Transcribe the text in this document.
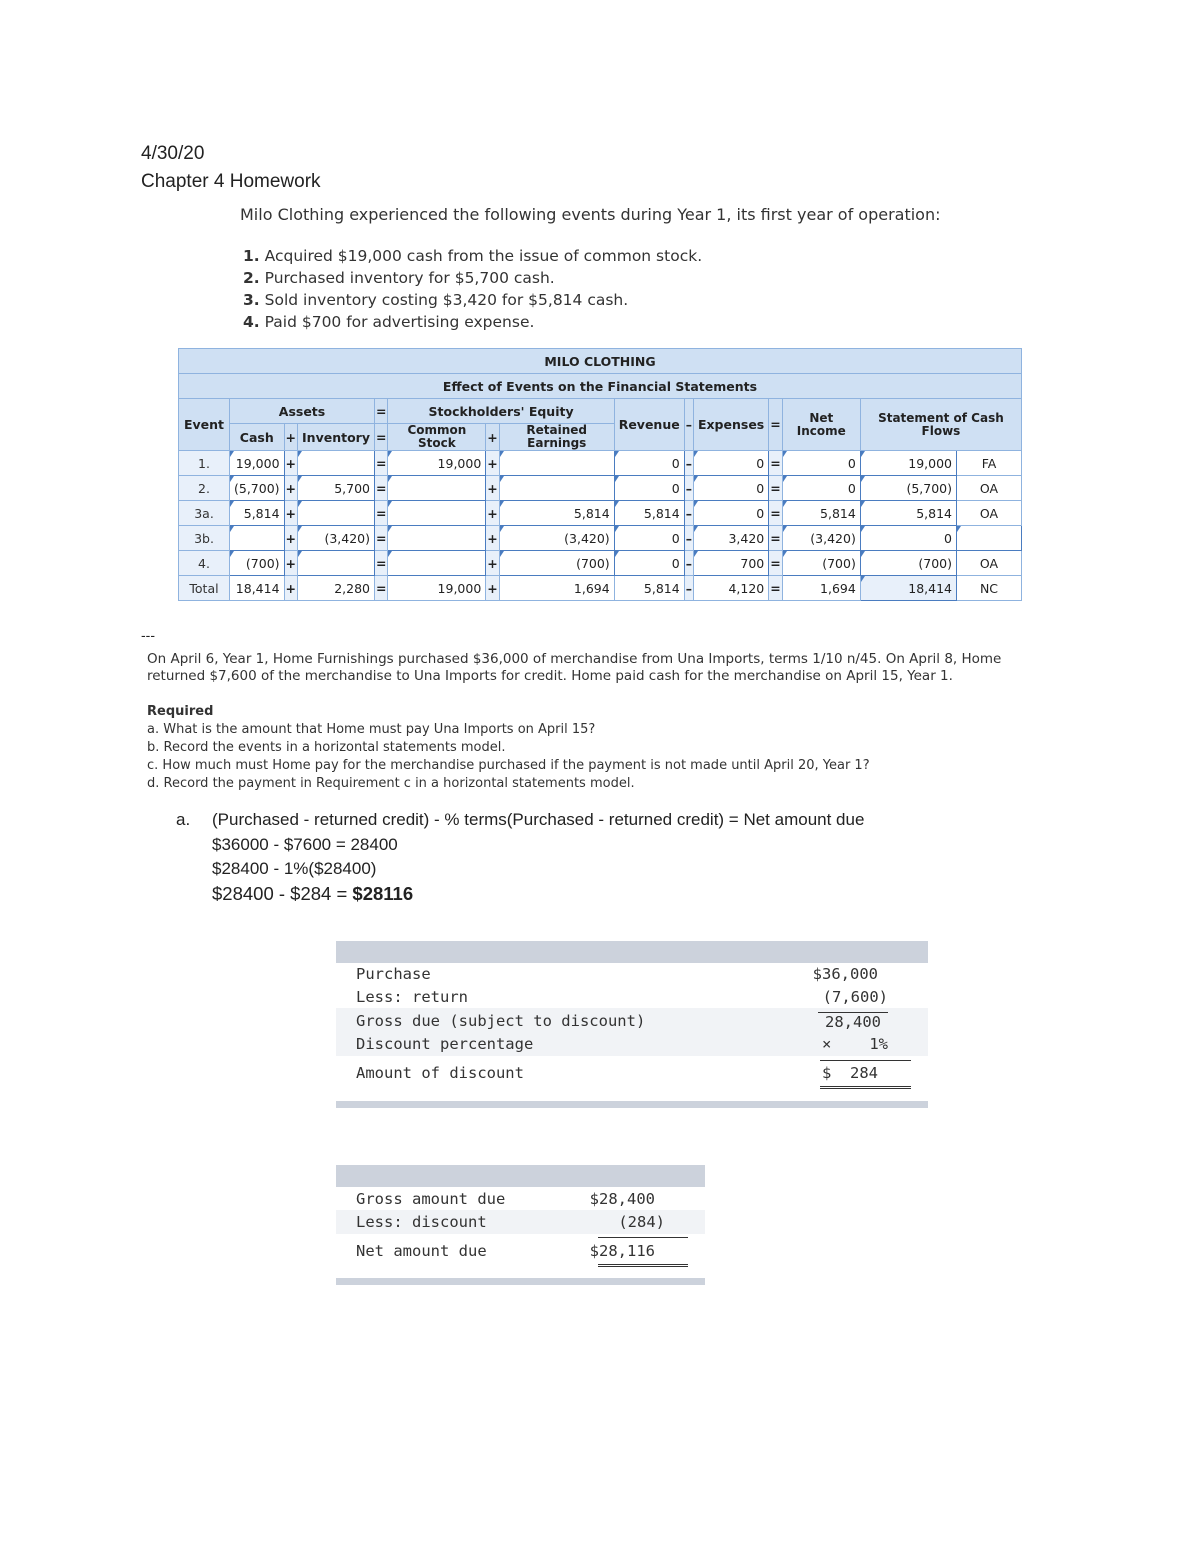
4/30/20
Chapter 4 Homework
Milo Clothing experienced the following events during Year 1, its first year of operation:
1. Acquired $19,000 cash from the issue of common stock.
2. Purchased inventory for $5,700 cash.
3. Sold inventory costing $3,420 for $5,814 cash.
4. Paid $700 for advertising expense.
MILO CLOTHING														
Effect of Events on the Financial Statements														
Event	Assets			=	Stockholders' Equity			Revenue	–	Expenses	=	Net Income	Statement of Cash Flows	
	Cash	+	Inventory	=	Common Stock	+	Retained Earnings							
1.	19,000	+		=	19,000	+		0	–	0	=	0	19,000	FA
2.	(5,700)	+	5,700	=		+		0	–	0	=	0	(5,700)	OA
3a.	5,814	+		=		+	5,814	5,814	–	0	=	5,814	5,814	OA
3b.		+	(3,420)	=		+	(3,420)	0	–	3,420	=	(3,420)	0	
4.	(700)	+		=		+	(700)	0	–	700	=	(700)	(700)	OA
Total	18,414	+	2,280	=	19,000	+	1,694	5,814	–	4,120	=	1,694	18,414	NC
---
On April 6, Year 1, Home Furnishings purchased $36,000 of merchandise from Una Imports, terms 1/10 n/45. On April 8, Home returned $7,600 of the merchandise to Una Imports for credit. Home paid cash for the merchandise on April 15, Year 1.
Required
a. What is the amount that Home must pay Una Imports on April 15?
b. Record the events in a horizontal statements model.
c. How much must Home pay for the merchandise purchased if the payment is not made until April 20, Year 1?
d. Record the payment in Requirement c in a horizontal statements model.
a. (Purchased - returned credit) - % terms(Purchased - returned credit) = Net amount due
$36000 - $7600 = 28400
$28400 - 1%($28400)
$28400 - $284 = $28116
Purchase	$36,000
Less: return	(7,600)
Gross due (subject to discount)	28,400
Discount percentage	× 1%
Amount of discount	$ 284
Gross amount due	$28,400
Less: discount	(284)
Net amount due	$28,116
